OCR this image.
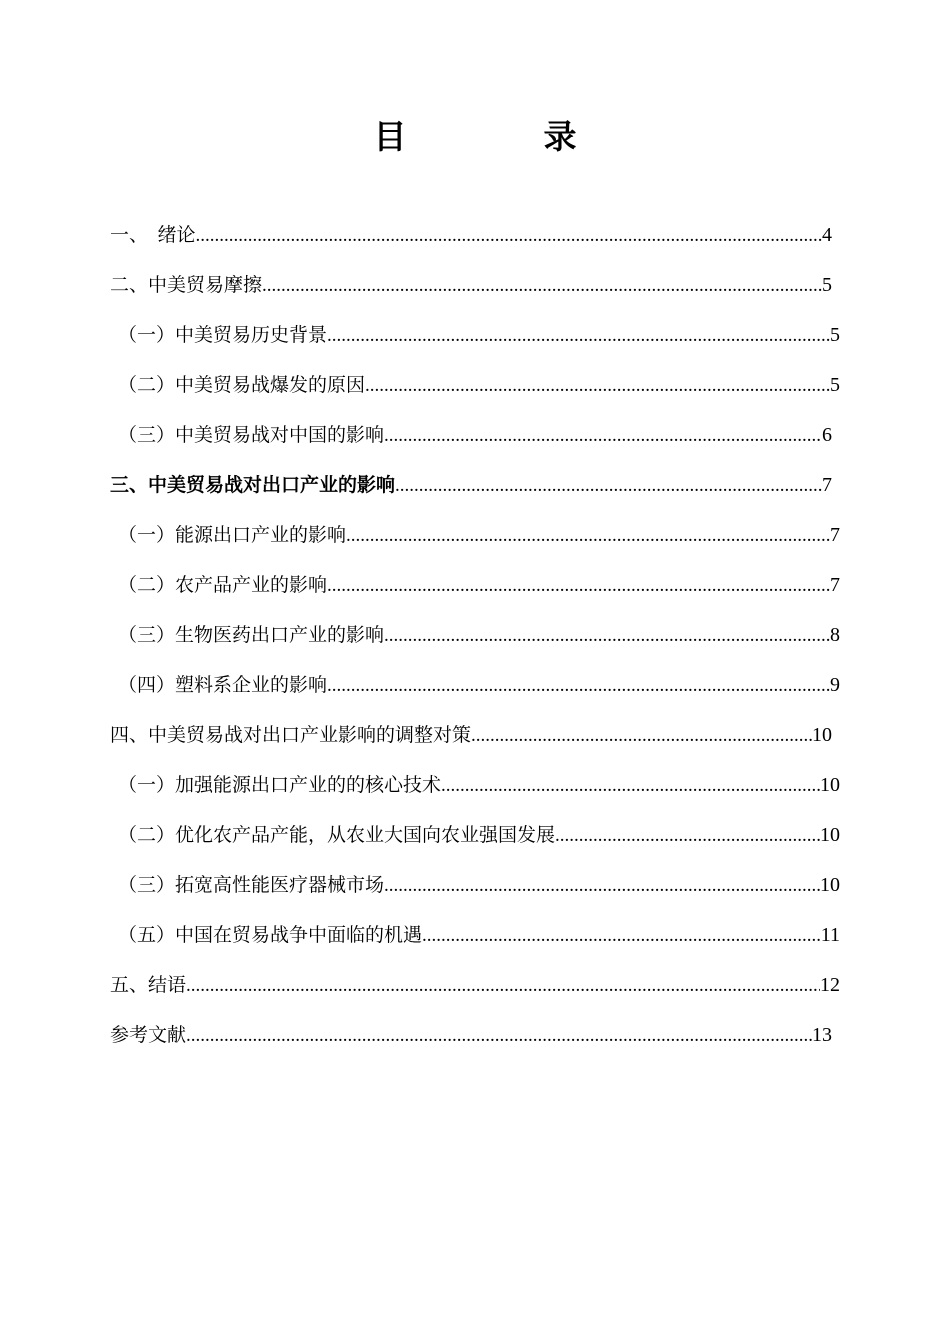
目　录
一、　绪论 .....	4
二、中美贸易摩擦 .....	5
（一）中美贸易历史背景 .....	5
（二）中美贸易战爆发的原因 .....	5
（三）中美贸易战对中国的影响 .....	6
三、中美贸易战对出口产业的影响 .....	7
（一）能源出口产业的影响 .....	7
（二）农产品产业的影响 .....	7
（三）生物医药出口产业的影响 .....	8
（四）塑料系企业的影响 .....	9
四、中美贸易战对出口产业影响的调整对策 .....	10
（一）加强能源出口产业的的核心技术 .....	10
（二）优化农产品产能，从农业大国向农业强国发展 .....	10
（三）拓宽高性能医疗器械市场 .....	10
（五）中国在贸易战争中面临的机遇 .....	11
五、结语 .....	12
参考文献 .....	13
